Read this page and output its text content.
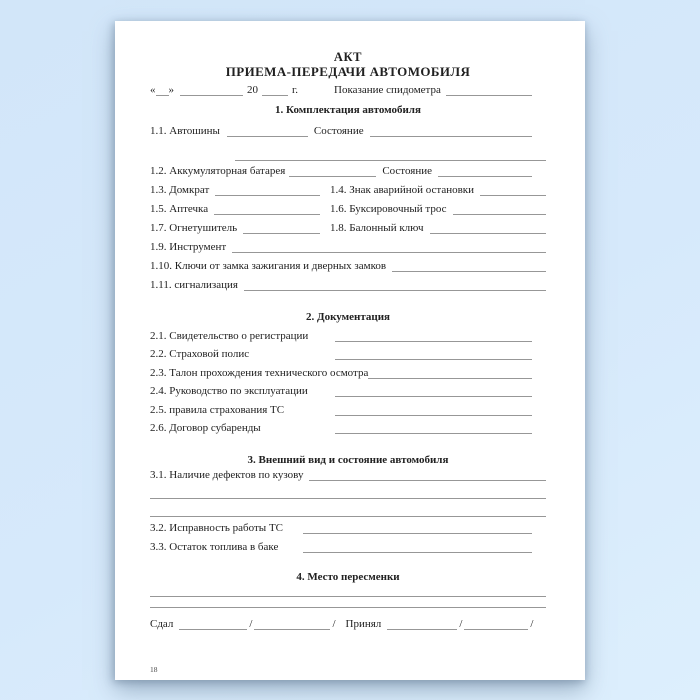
АКТ
ПРИЕМА-ПЕРЕДАЧИ АВТОМОБИЛЯ
« »	20	г.	Показание спидометра
1. Комплектация автомобиля
1.1. Автошины	Состояние
1.2. Аккумуляторная батарея	Состояние
1.3. Домкрат	1.4. Знак аварийной остановки
1.5. Аптечка	1.6. Буксировочный трос
1.7. Огнетушитель	1.8. Балонный ключ
1.9. Инструмент
1.10. Ключи от замка зажигания и дверных замков
1.11. сигнализация
2. Документация
2.1. Свидетельство о регистрации
2.2. Страховой полис
2.3. Талон прохождения технического осмотра
2.4. Руководство по эксплуатации
2.5. правила страхования ТС
2.6. Договор субаренды
3. Внешний вид и состояние автомобиля
3.1. Наличие дефектов по кузову
3.2. Исправность работы ТС
3.3. Остаток топлива в баке
4. Место пересменки
Сдал	/	/ Принял	/	/
18
